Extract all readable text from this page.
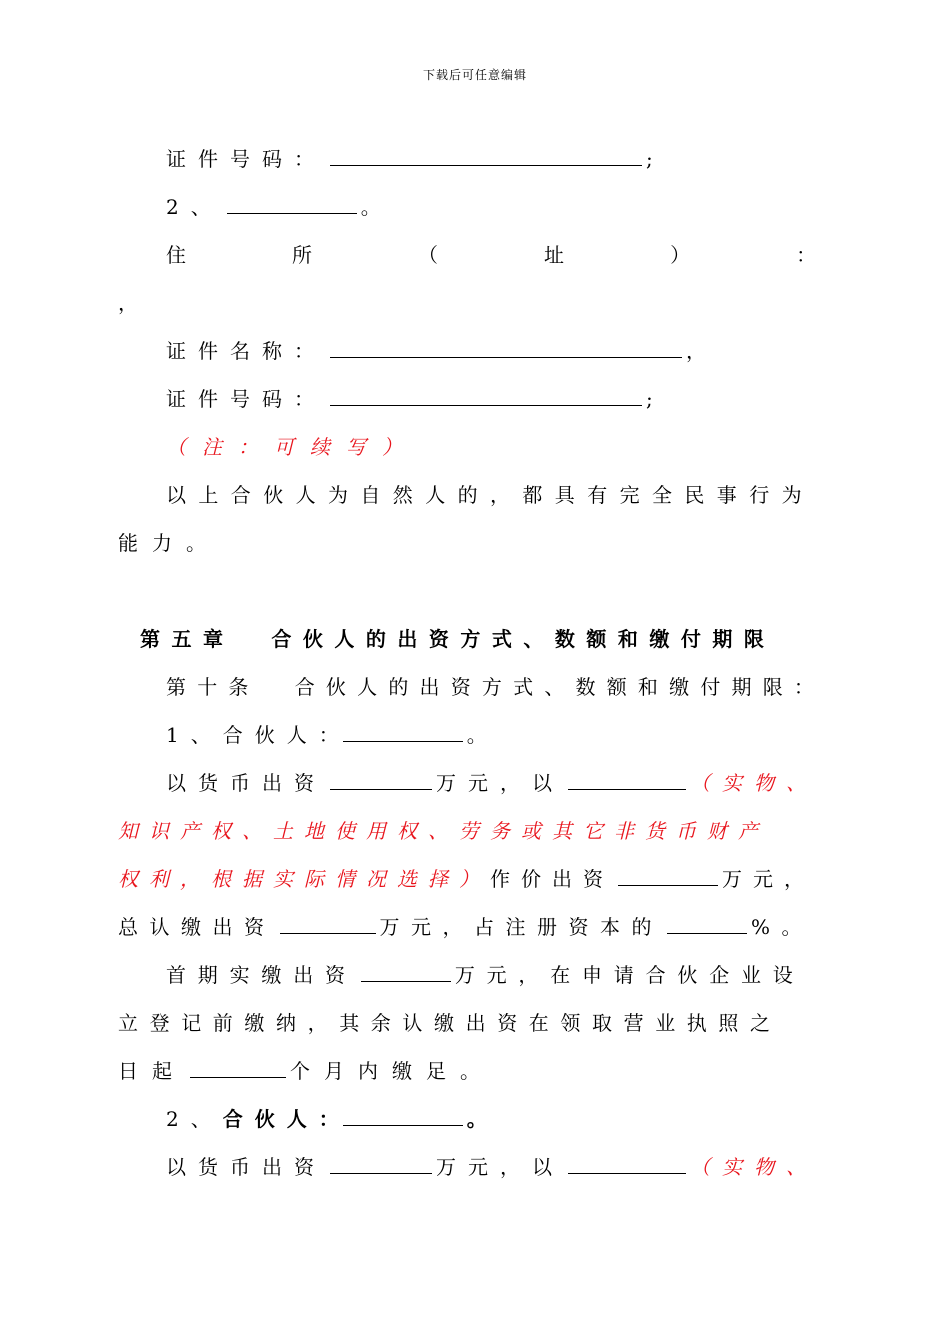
下载后可任意编辑
证件号码：	;
2、	。
住	所	（	址	）	：
，
证件名称：	，
证件号码：	;
（注：可续写）
以上合伙人为自然人的，都具有完全民事行为
能力。
第五章  合伙人的出资方式、数额和缴付期限
第十条  合伙人的出资方式、数额和缴付期限：
1、合伙人：	。
以货币出资	万元，以	（实物、
知识产权、土地使用权、劳务或其它非货币财产
权利，根据实际情况选择）作价出资	万元，
总认缴出资	万元，占注册资本的	%。
首期实缴出资	万元，在申请合伙企业设
立登记前缴纳，其余认缴出资在领取营业执照之
日起	个月内缴足。
2、合伙人：	。
以货币出资	万元，以	（实物、
